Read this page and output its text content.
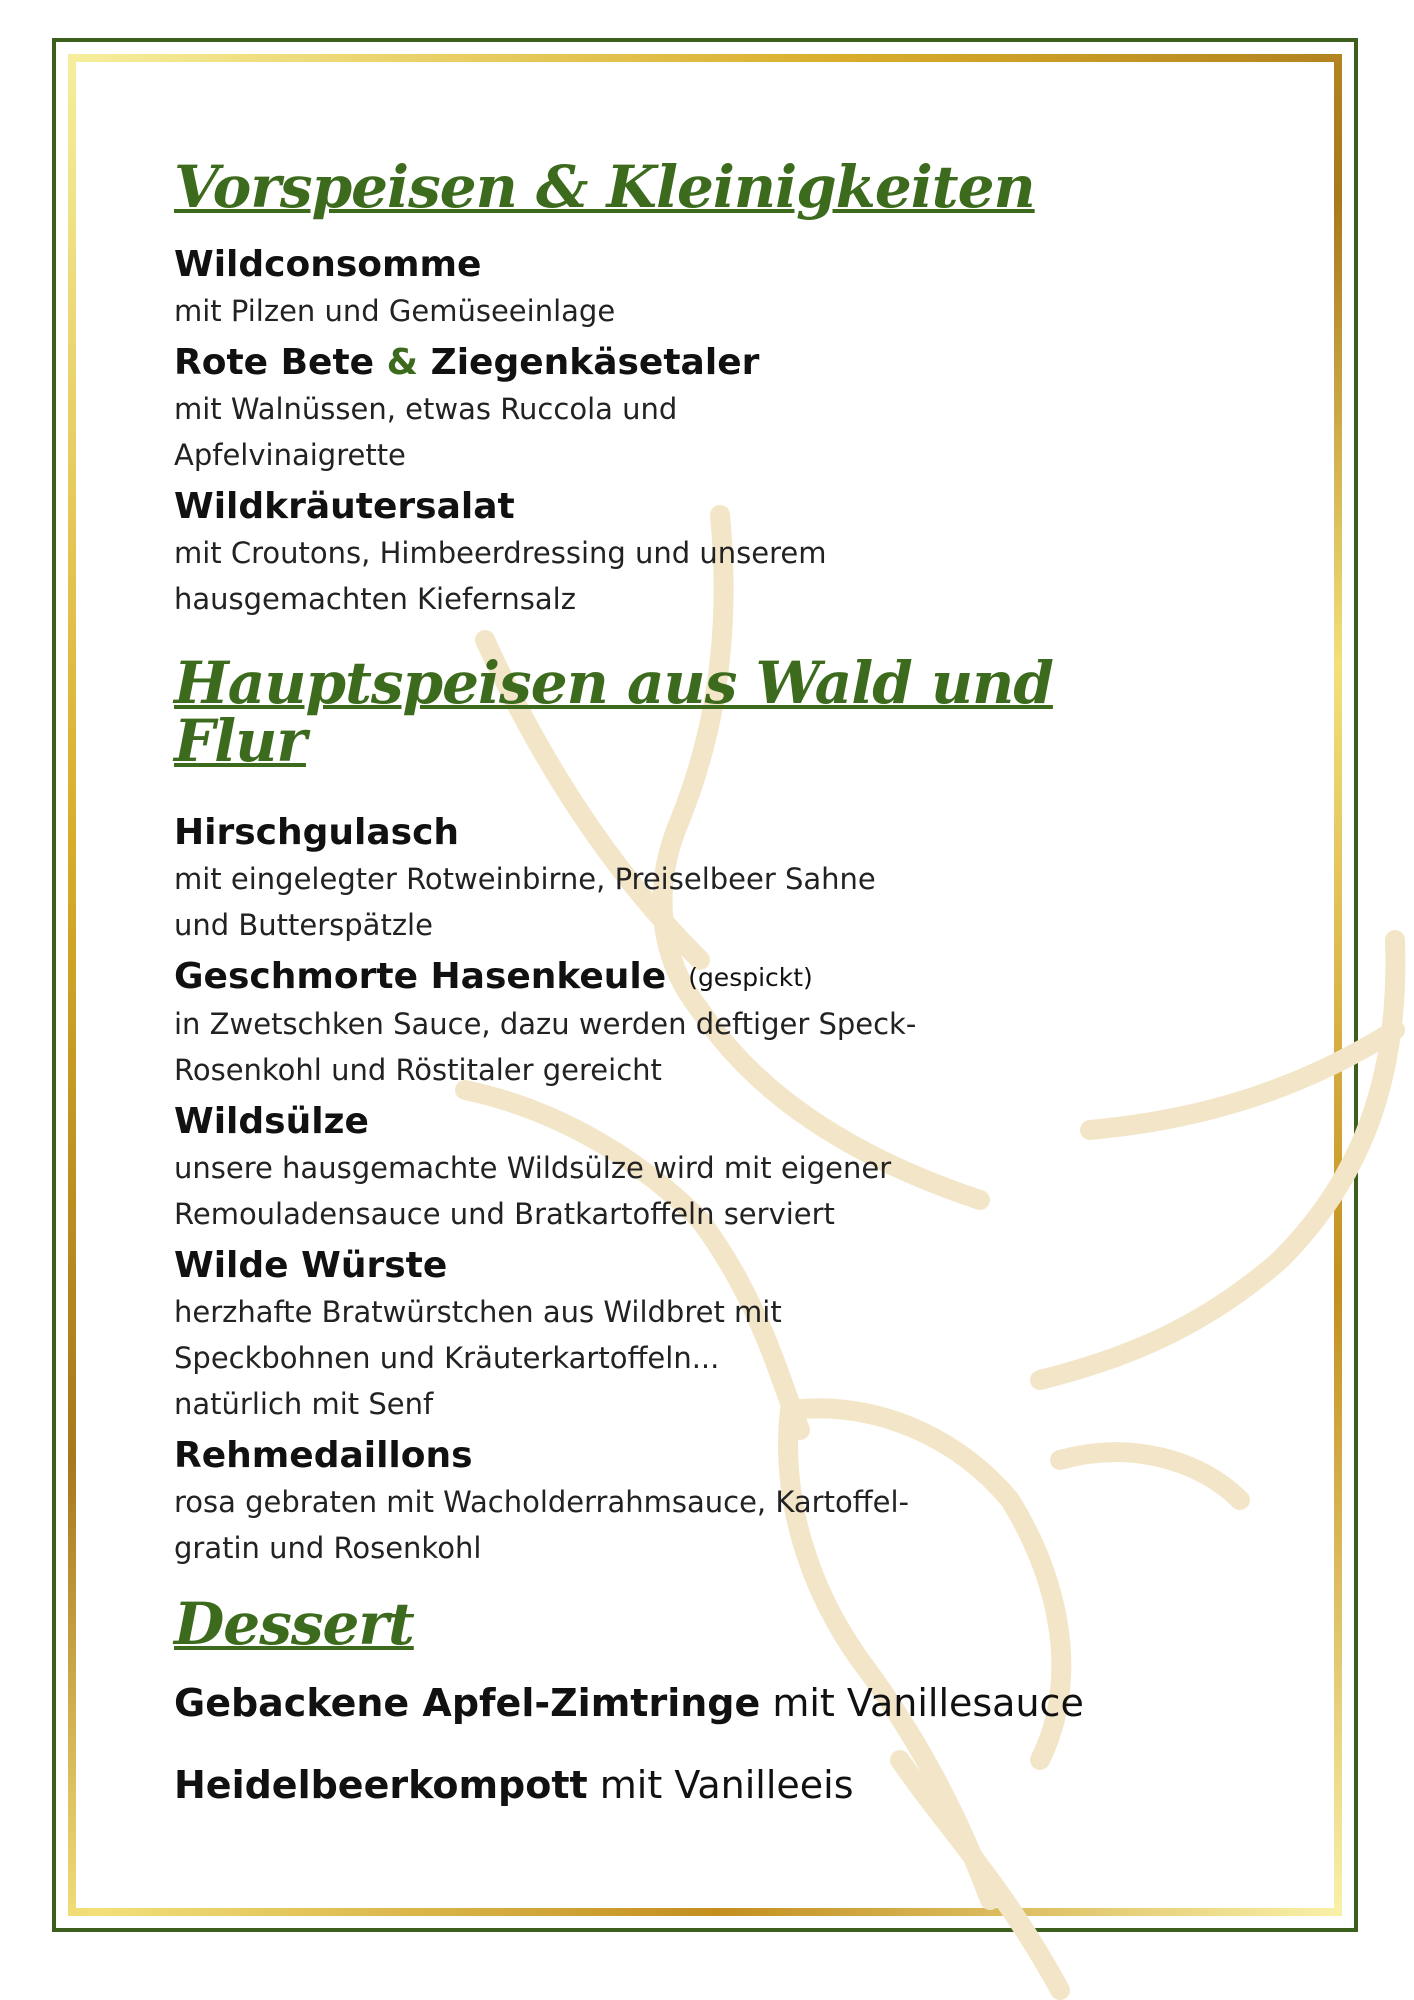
Vorspeisen & Kleinigkeiten

Wildconsomme

mit Pilzen und Gemüseeinlage

Rote Bete & Ziegenkäsetaler

mit Walnüssen, etwas Ruccola und
Apfelvinaigrette

Wildkräutersalat

mit Croutons, Himbeerdressing und unserem
hausgemachten Kiefernsalz

Hauptspeisen aus Wald und Flur

Hirschgulasch

mit eingelegter Rotweinbirne, Preiselbeer Sahne
und Butterspätzle

Geschmorte Hasenkeule (gespickt)

in Zwetschken Sauce, dazu werden deftiger Speck-
Rosenkohl und Röstitaler gereicht

Wildsülze

unsere hausgemachte Wildsülze wird mit eigener
Remouladensauce und Bratkartoffeln serviert

Wilde Würste

herzhafte Bratwürstchen aus Wildbret mit
Speckbohnen und Kräuterkartoffeln...
natürlich mit Senf

Rehmedaillons

rosa gebraten mit Wacholderrahmsauce, Kartoffel-
gratin und Rosenkohl

Dessert

Gebackene Apfel-Zimtringe mit Vanillesauce

Heidelbeerkompott mit Vanilleeis
